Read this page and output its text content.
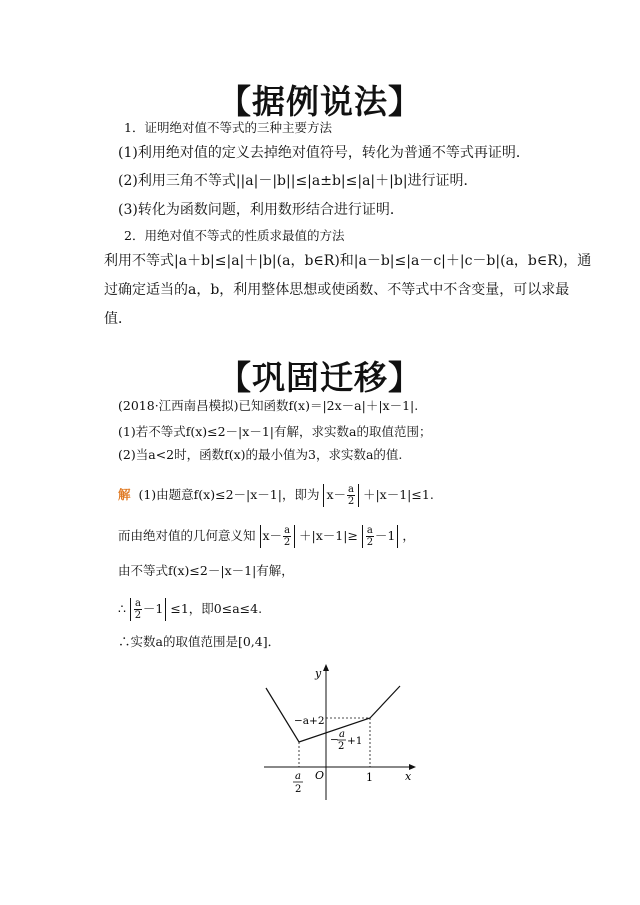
【据例说法】
1．证明绝对值不等式的三种主要方法
(1)利用绝对值的定义去掉绝对值符号，转化为普通不等式再证明．
(2)利用三角不等式||a|－|b||≤|a±b|≤|a|＋|b|进行证明．
(3)转化为函数问题，利用数形结合进行证明．
2．用绝对值不等式的性质求最值的方法
利用不等式|a＋b|≤|a|＋|b|(a，b∈R)和|a－b|≤|a－c|＋|c－b|(a，b∈R)，通
过确定适当的a，b，利用整体思想或使函数、不等式中不含变量，可以求最
值．
【巩固迁移】
(2018·江西南昌模拟)已知函数f(x)＝|2x－a|＋|x－1|.
(1)若不等式f(x)≤2－|x－1|有解，求实数a的取值范围；
(2)当a<2时，函数f(x)的最小值为3，求实数a的值.
解 (1)由题意f(x)≤2－|x－1|，即为 $x- \frac{a}{2} +|x-1|\le 1$.
而由绝对值的几何意义知 $x- \frac{a}{2} +|x-1|\ge \frac{a}{2} -1$ ，
由不等式f(x)≤2－|x－1|有解，
∴ $\frac{a}{2} -1 \le 1$，即0≤a≤4.
∴实数a的取值范围是[0,4]．
y
x
O	1
−a+2
− a
2 +1
a
2
